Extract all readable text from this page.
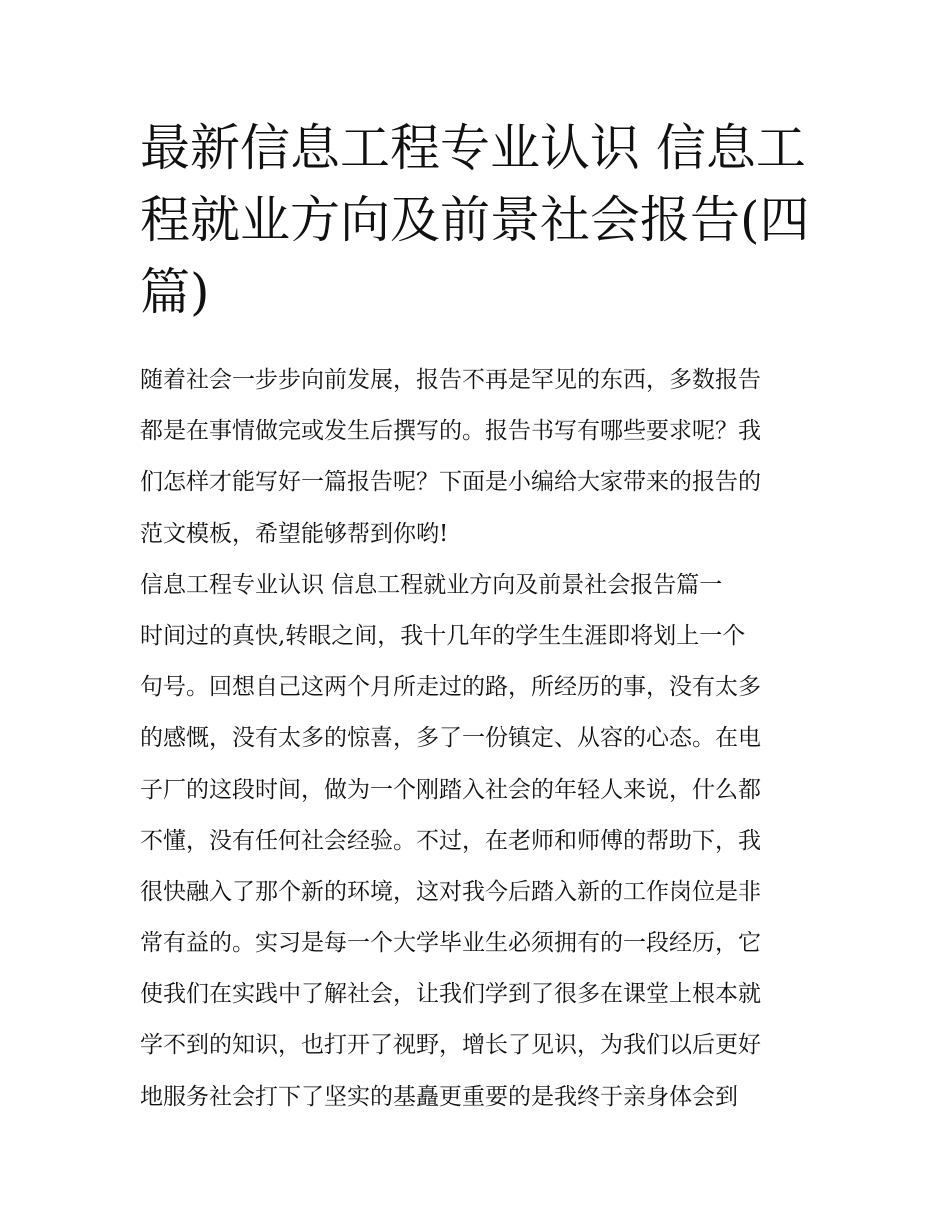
最新信息工程专业认识 信息工程就业方向及前景社会报告(四篇)
随着社会一步步向前发展，报告不再是罕见的东西，多数报告
都是在事情做完或发生后撰写的。报告书写有哪些要求呢？我
们怎样才能写好一篇报告呢？下面是小编给大家带来的报告的
范文模板，希望能够帮到你哟!
信息工程专业认识 信息工程就业方向及前景社会报告篇一
时间过的真快,转眼之间，我十几年的学生生涯即将划上一个
句号。回想自己这两个月所走过的路，所经历的事，没有太多
的感慨，没有太多的惊喜，多了一份镇定、从容的心态。在电
子厂的这段时间，做为一个刚踏入社会的年轻人来说，什么都
不懂，没有任何社会经验。不过，在老师和师傅的帮助下，我
很快融入了那个新的环境，这对我今后踏入新的工作岗位是非
常有益的。实习是每一个大学毕业生必须拥有的一段经历，它
使我们在实践中了解社会，让我们学到了很多在课堂上根本就
学不到的知识，也打开了视野，增长了见识，为我们以后更好
地服务社会打下了坚实的基矗更重要的是我终于亲身体会到
